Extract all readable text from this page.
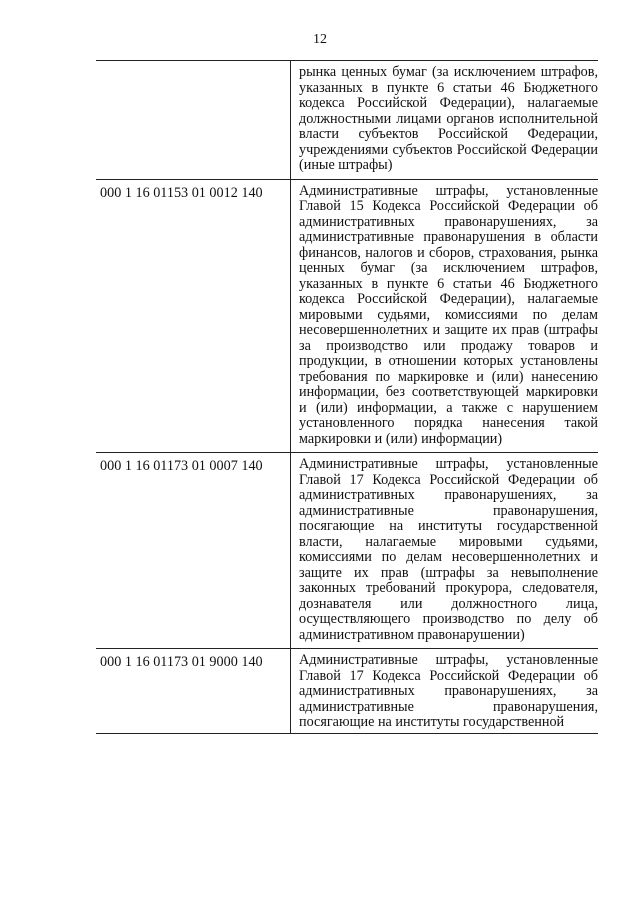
12
	рынка ценных бумаг (за исключением штрафов, указанных в пункте 6 статьи 46 Бюджетного кодекса Российской Федерации), налагаемые должностными лицами органов исполнительной власти субъектов Российской Федерации, учреждениями субъектов Российской Федерации (иные штрафы)
000 1 16 01153 01 0012 140	Административные штрафы, установленные Главой 15 Кодекса Российской Федерации об административных правонарушениях, за административные правонарушения в области финансов, налогов и сборов, страхования, рынка ценных бумаг (за исключением штрафов, указанных в пункте 6 статьи 46 Бюджетного кодекса Российской Федерации), налагаемые мировыми судьями, комиссиями по делам несовершеннолетних и защите их прав (штрафы за производство или продажу товаров и продукции, в отношении которых установлены требования по маркировке и (или) нанесению информации, без соответствующей маркировки и (или) информации, а также с нарушением установленного порядка нанесения такой маркировки и (или) информации)
000 1 16 01173 01 0007 140	Административные штрафы, установленные Главой 17 Кодекса Российской Федерации об административных правонарушениях, за административные правонарушения, посягающие на институты государственной власти, налагаемые мировыми судьями, комиссиями по делам несовершеннолетних и защите их прав (штрафы за невыполнение законных требований прокурора, следователя, дознавателя или должностного лица, осуществляющего производство по делу об административном правонарушении)
000 1 16 01173 01 9000 140	Административные штрафы, установленные Главой 17 Кодекса Российской Федерации об административных правонарушениях, за административные правонарушения, посягающие на институты государственной
